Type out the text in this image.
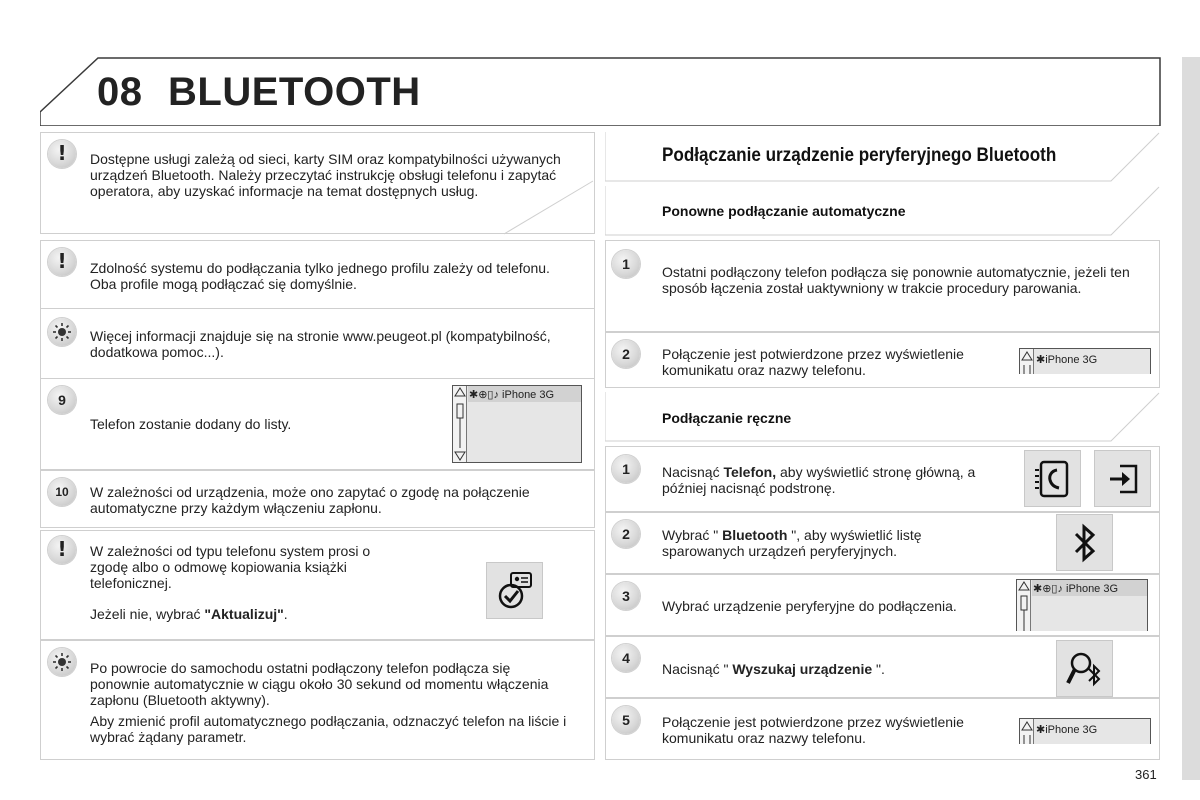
08 BLUETOOTH
!	Dostępne usługi zależą od sieci, karty SIM oraz kompatybilności używanych urządzeń Bluetooth. Należy przeczytać instrukcję obsługi telefonu i zapytać operatora, aby uzyskać informacje na temat dostępnych usług.
!	Zdolność systemu do podłączania tylko jednego profilu zależy od telefonu. Oba profile mogą podłączać się domyślnie.
Więcej informacji znajduje się na stronie www.peugeot.pl (kompatybilność, dodatkowa pomoc...).
9
Telefon zostanie dodany do listy.
✱⊕▯♪ iPhone 3G
10	W zależności od urządzenia, może ono zapytać o zgodę na połączenie automatyczne przy każdym włączeniu zapłonu.
!	W zależności od typu telefonu system prosi o zgodę albo o odmowę kopiowania książki telefonicznej.
Jeżeli nie, wybrać "Aktualizuj".
Po powrocie do samochodu ostatni podłączony telefon podłącza się ponownie automatycznie w ciągu około 30 sekund od momentu włączenia zapłonu (Bluetooth aktywny).
Aby zmienić profil automatycznego podłączania, odznaczyć telefon na liście i wybrać żądany parametr.
Podłączanie urządzenie peryferyjnego Bluetooth
Ponowne podłączanie automatyczne
1	Ostatni podłączony telefon podłącza się ponownie automatycznie, jeżeli ten sposób łączenia został uaktywniony w trakcie procedury parowania.
2	Połączenie jest potwierdzone przez wyświetlenie komunikatu oraz nazwy telefonu.
✱iPhone 3G
Podłączanie ręczne
1	Nacisnąć Telefon, aby wyświetlić stronę główną, a później nacisnąć podstronę.
2	Wybrać " Bluetooth ", aby wyświetlić listę sparowanych urządzeń peryferyjnych.
3
Wybrać urządzenie peryferyjne do podłączenia.
✱⊕▯♪ iPhone 3G
4
Nacisnąć " Wyszukaj urządzenie ".
5	Połączenie jest potwierdzone przez wyświetlenie komunikatu oraz nazwy telefonu.	✱iPhone 3G
361
